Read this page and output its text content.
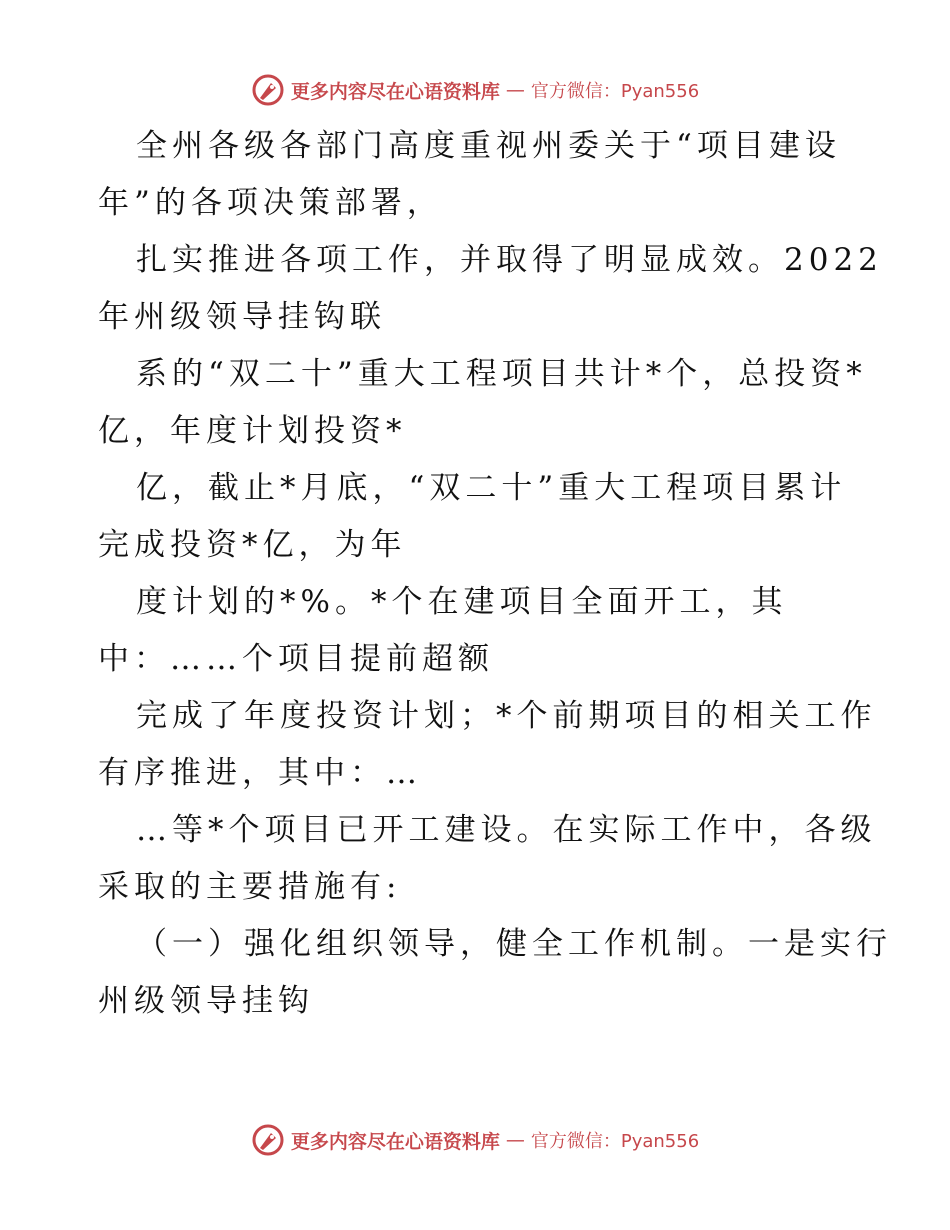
更多内容尽在心语资料库 — 官方微信：Pyan556
全州各级各部门高度重视州委关于“项目建设
年”的各项决策部署，
扎实推进各项工作，并取得了明显成效。2022
年州级领导挂钩联
系的“双二十”重大工程项目共计*个，总投资*
亿，年度计划投资*
亿，截止*月底，“双二十”重大工程项目累计
完成投资*亿，为年
度计划的*%。*个在建项目全面开工，其
中：……个项目提前超额
完成了年度投资计划；*个前期项目的相关工作
有序推进，其中：…
…等*个项目已开工建设。在实际工作中，各级
采取的主要措施有:
（一）强化组织领导，健全工作机制。一是实行
州级领导挂钩
更多内容尽在心语资料库 — 官方微信：Pyan556
